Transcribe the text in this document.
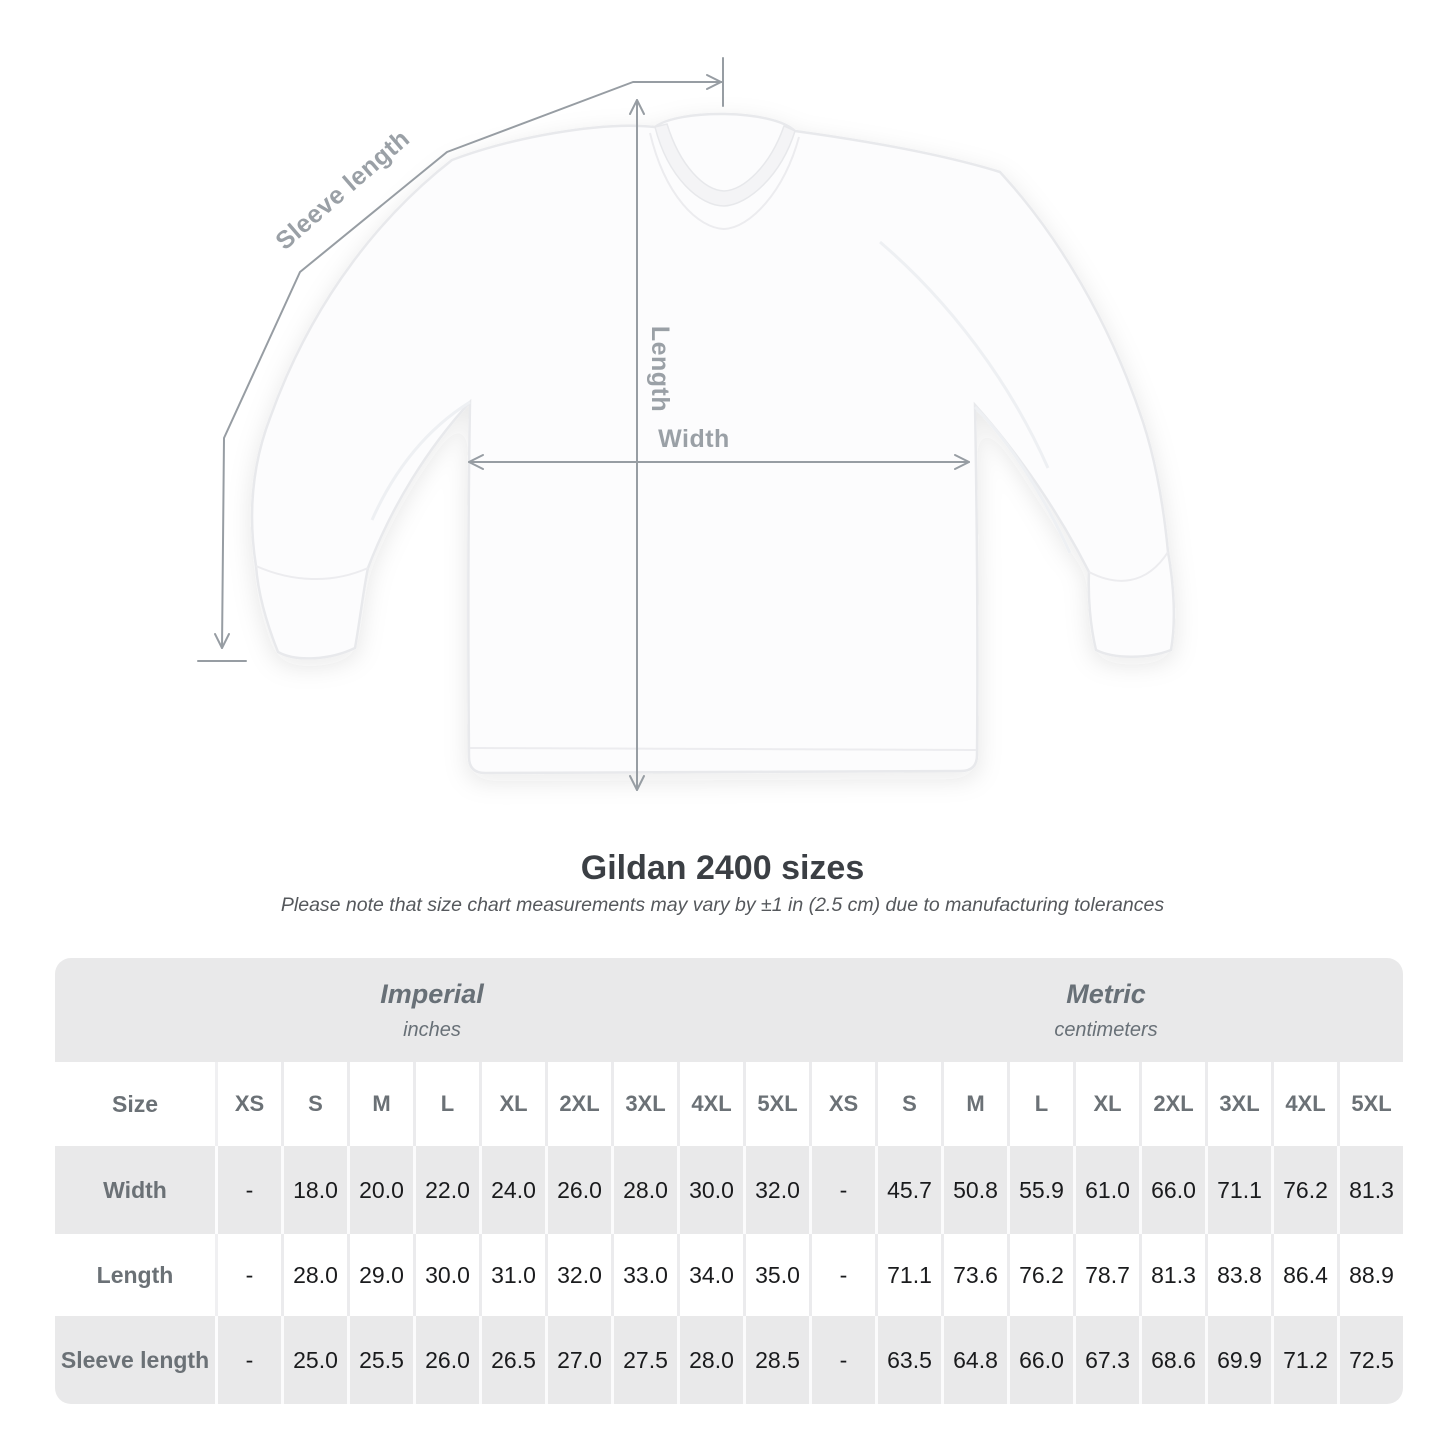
Sleeve length
Length
Width
Gildan 2400 sizes
Please note that size chart measurements may vary by ±1 in (2.5 cm) due to manufacturing tolerances
Imperial
inches
Metric
centimeters
Size	XS	S	M	L	XL	2XL	3XL	4XL	5XL	XS	S	M	L	XL	2XL	3XL	4XL	5XL
Width	-	18.0 20.0 22.0 24.0 26.0 28.0 30.0 32.0	-	45.7 50.8 55.9 61.0 66.0 71.1 76.2 81.3
Length	-	28.0 29.0 30.0 31.0 32.0 33.0 34.0 35.0	-	71.1 73.6 76.2 78.7 81.3 83.8 86.4 88.9
Sleeve length	-	25.0 25.5 26.0 26.5 27.0 27.5 28.0 28.5	-	63.5 64.8 66.0 67.3 68.6 69.9 71.2 72.5
